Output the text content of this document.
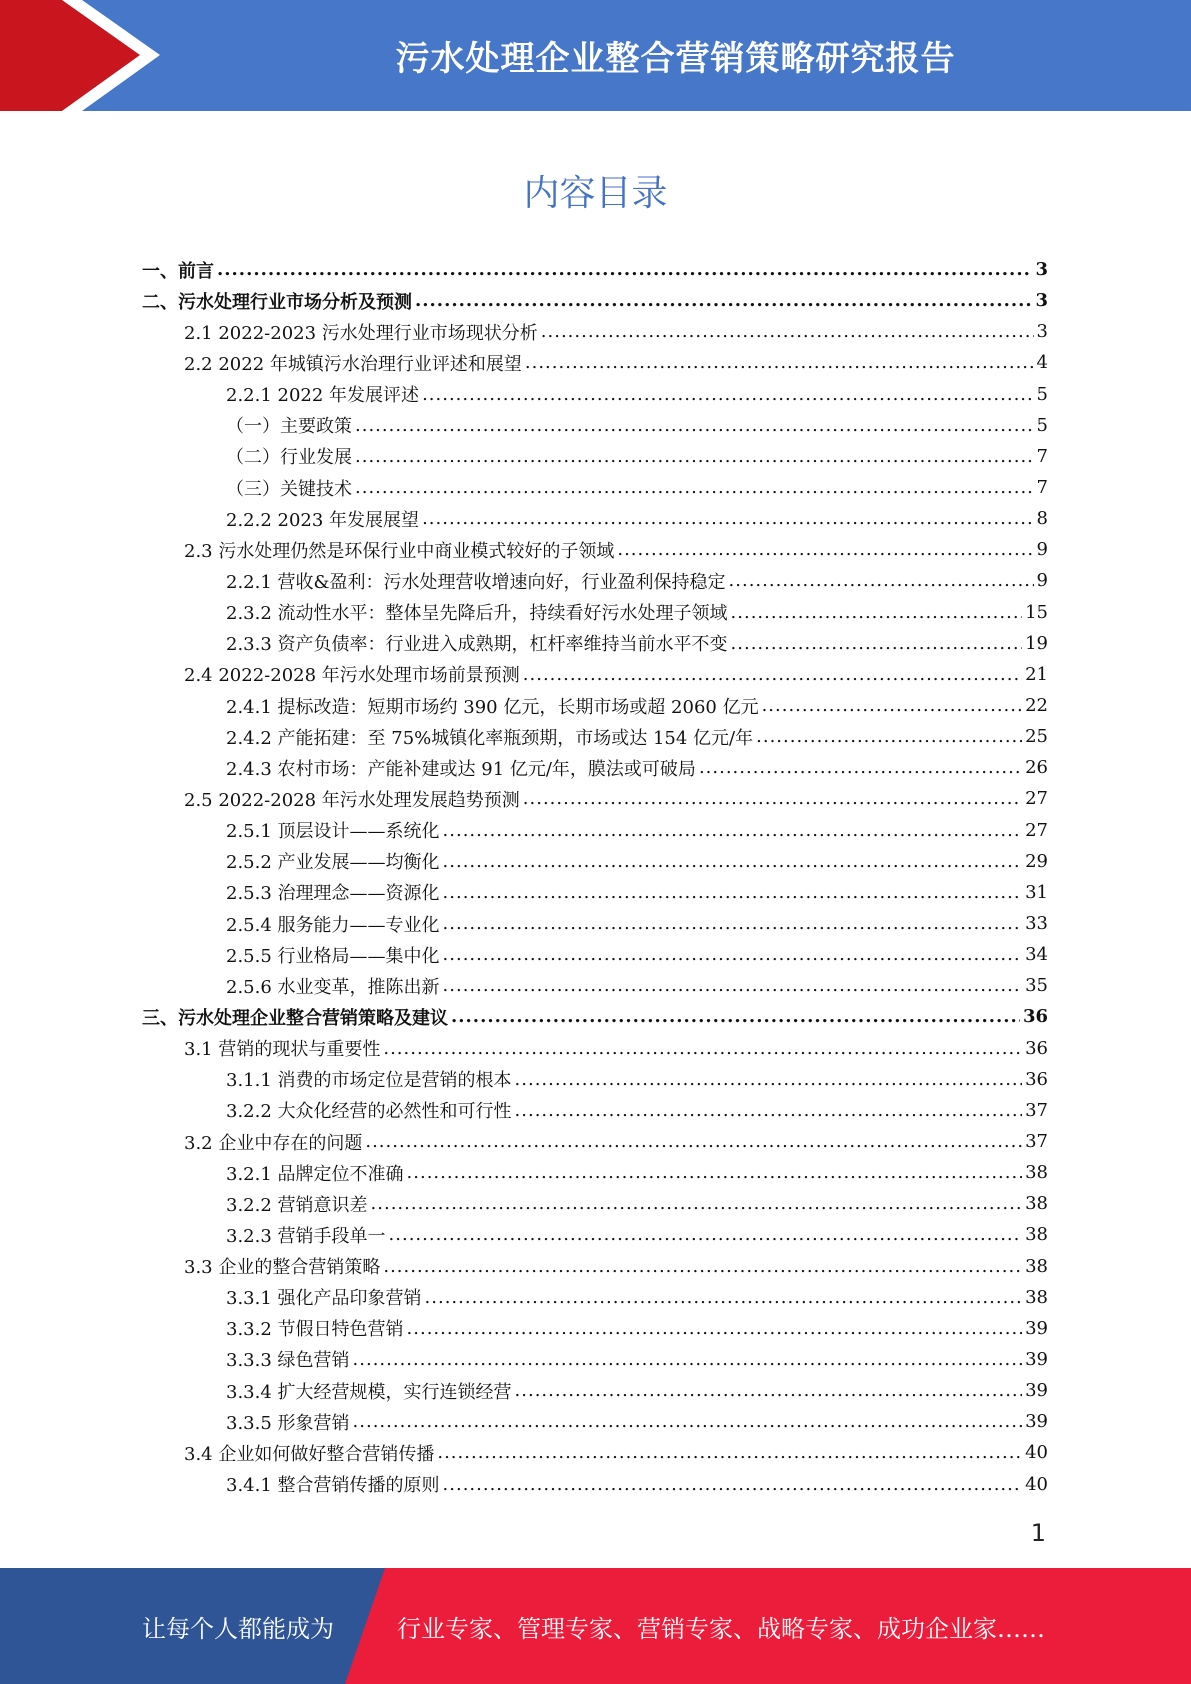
污水处理企业整合营销策略研究报告
内容目录
一、前言 .....	3
二、污水处理行业市场分析及预测 .....	3
2.1 2022-2023 污水处理行业市场现状分析 .....	3
2.2 2022 年城镇污水治理行业评述和展望 .....	4
2.2.1 2022 年发展评述 .....	5
（一）主要政策 .....	5
（二）行业发展 .....	7
（三）关键技术 .....	7
2.2.2 2023 年发展展望 .....	8
2.3 污水处理仍然是环保行业中商业模式较好的子领域 .....	9
2.2.1 营收&盈利：污水处理营收增速向好，行业盈利保持稳定 .....	9
2.3.2 流动性水平：整体呈先降后升，持续看好污水处理子领域 .....	15
2.3.3 资产负债率：行业进入成熟期，杠杆率维持当前水平不变 .....	19
2.4 2022-2028 年污水处理市场前景预测 .....	21
2.4.1 提标改造：短期市场约 390 亿元，长期市场或超 2060 亿元 .....	22
2.4.2 产能拓建：至 75%城镇化率瓶颈期，市场或达 154 亿元/年 .....	25
2.4.3 农村市场：产能补建或达 91 亿元/年，膜法或可破局 .....	26
2.5 2022-2028 年污水处理发展趋势预测 .....	27
2.5.1 顶层设计——系统化 .....	27
2.5.2 产业发展——均衡化 .....	29
2.5.3 治理理念——资源化 .....	31
2.5.4 服务能力——专业化 .....	33
2.5.5 行业格局——集中化 .....	34
2.5.6 水业变革，推陈出新 .....	35
三、污水处理企业整合营销策略及建议 .....	36
3.1 营销的现状与重要性 .....	36
3.1.1 消费的市场定位是营销的根本 .....	36
3.2.2 大众化经营的必然性和可行性 .....	37
3.2 企业中存在的问题 .....	37
3.2.1 品牌定位不准确 .....	38
3.2.2 营销意识差 .....	38
3.2.3 营销手段单一 .....	38
3.3 企业的整合营销策略 .....	38
3.3.1 强化产品印象营销 .....	38
3.3.2 节假日特色营销 .....	39
3.3.3 绿色营销 .....	39
3.3.4 扩大经营规模，实行连锁经营 .....	39
3.3.5 形象营销 .....	39
3.4 企业如何做好整合营销传播 .....	40
3.4.1 整合营销传播的原则 .....	40
1
让每个人都能成为	行业专家、管理专家、营销专家、战略专家、成功企业家……
